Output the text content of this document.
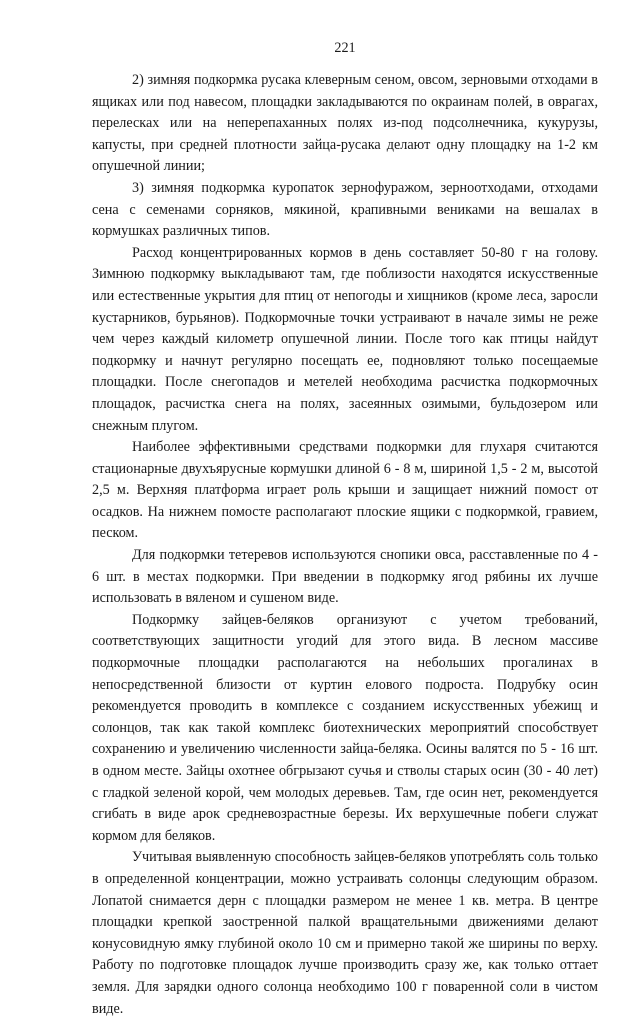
221

2) зимняя подкормка русака клеверным сеном, овсом, зерновыми отходами в ящиках или под навесом, площадки закладываются по окраинам полей, в оврагах, перелесках или на неперепаханных полях из-под подсолнечника, кукурузы, капусты, при средней плотности зайца-русака делают одну площадку на 1-2 км опушечной линии;

3) зимняя подкормка куропаток зернофуражом, зерноотходами, отходами сена с семенами сорняков, мякиной, крапивными вениками на вешалах в кормушках различных типов.

Расход концентрированных кормов в день составляет 50-80 г на голову. Зимнюю подкормку выкладывают там, где поблизости находятся искусственные или естественные укрытия для птиц от непогоды и хищников (кроме леса, заросли кустарников, бурьянов). Подкормочные точки устраивают в начале зимы не реже чем через каждый километр опушечной линии. После того как птицы найдут подкормку и начнут регулярно посещать ее, подновляют только посещаемые площадки. После снегопадов и метелей необходима расчистка подкормочных площадок, расчистка снега на полях, засеянных озимыми, бульдозером или снежным плугом.

Наиболее эффективными средствами подкормки для глухаря считаются стационарные двухъярусные кормушки длиной 6 - 8 м, шириной 1,5 - 2 м, высотой 2,5 м. Верхняя платформа играет роль крыши и защищает нижний помост от осадков. На нижнем помосте располагают плоские ящики с подкормкой, гравием, песком.

Для подкормки тетеревов используются снопики овса, расставленные по 4 - 6 шт. в местах подкормки. При введении в подкормку ягод рябины их лучше использовать в вяленом и сушеном виде.

Подкормку зайцев-беляков организуют с учетом требований, соответствующих защитности угодий для этого вида. В лесном массиве подкормочные площадки располагаются на небольших прогалинах в непосредственной близости от куртин елового подроста. Подрубку осин рекомендуется проводить в комплексе с созданием искусственных убежищ и солонцов, так как такой комплекс биотехнических мероприятий способствует сохранению и увеличению численности зайца-беляка. Осины валятся по 5 - 16 шт. в одном месте. Зайцы охотнее обгрызают сучья и стволы старых осин (30 - 40 лет) с гладкой зеленой корой, чем молодых деревьев. Там, где осин нет, рекомендуется сгибать в виде арок средневозрастные березы. Их верхушечные побеги служат кормом для беляков.

Учитывая выявленную способность зайцев-беляков употреблять соль только в определенной концентрации, можно устраивать солонцы следующим образом. Лопатой снимается дерн с площадки размером не менее 1 кв. метра. В центре площадки крепкой заостренной палкой вращательными движениями делают конусовидную ямку глубиной около 10 см и примерно такой же ширины по верху. Работу по подготовке площадок лучше производить сразу же, как только оттает земля. Для зарядки одного солонца необходимо 100 г поваренной соли в чистом виде.
